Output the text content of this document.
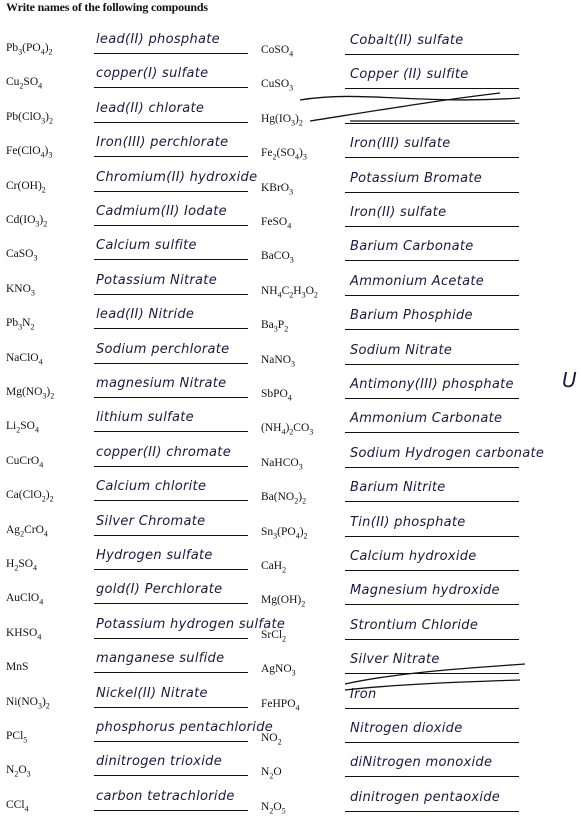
Write names of the following compounds
$Pb_3(PO_4)_2$
lead(II) phosphate
CoSO$_4$
Cobalt(II) sulfate
$Cu_2SO_4$
copper(I) sulfate
CuSO$_3$
Copper (II) sulfite
$Pb(ClO_3)_2$
lead(II) chlorate
$Hg(IO_3)_2$
$Fe(ClO_4)_3$
Iron(III) perchlorate
$Fe_2(SO_4)_3$
Iron(III) sulfate
$Cr(OH)_2$
Chromium(II) hydroxide
KBrO$_3$
Potassium Bromate
$Cd(IO_3)_2$
Cadmium(II) Iodate
FeSO$_4$
Iron(II) sulfate
CaSO$_3$
Calcium sulfite
BaCO$_3$
Barium Carbonate
$KNO_3$
Potassium Nitrate
$NH_4C_2H_3O_2$
Ammonium Acetate
$Pb_3N_2$
lead(II) Nitride
$Ba_3P_2$
Barium Phosphide
NaClO$_4$
Sodium perchlorate
NaNO$_3$
Sodium Nitrate
$Mg(NO_3)_2$
magnesium Nitrate
SbPO$_4$
Antimony(III) phosphate
$Li_2SO_4$
lithium sulfate
$(NH_4)_2CO_3$
Ammonium Carbonate
CuCrO$_4$
copper(II) chromate
NaHCO$_3$
Sodium Hydrogen carbonate
$Ca(ClO_2)_2$
Calcium chlorite
$Ba(NO_2)_2$
Barium Nitrite
$Ag_2CrO_4$
Silver Chromate
$Sn_3(PO_4)_2$
Tin(II) phosphate
$H_2SO_4$
Hydrogen sulfate
CaH$_2$
Calcium hydroxide
AuClO$_4$
gold(I) Perchlorate
$Mg(OH)_2$
Magnesium hydroxide
$KHSO_4$
Potassium hydrogen sulfate
SrCl$_2$
Strontium Chloride
MnS
manganese sulfide
AgNO$_3$
Silver Nitrate
$Ni(NO_3)_2$
Nickel(II) Nitrate
FeHPO$_4$
Iron
PCl$_5$
phosphorus pentachloride
$NO_2$
Nitrogen dioxide
$N_2O_3$
dinitrogen trioxide
$N_2O$
diNitrogen monoxide
CCl$_4$
carbon tetrachloride
$N_2O_5$
dinitrogen pentaoxide
U
